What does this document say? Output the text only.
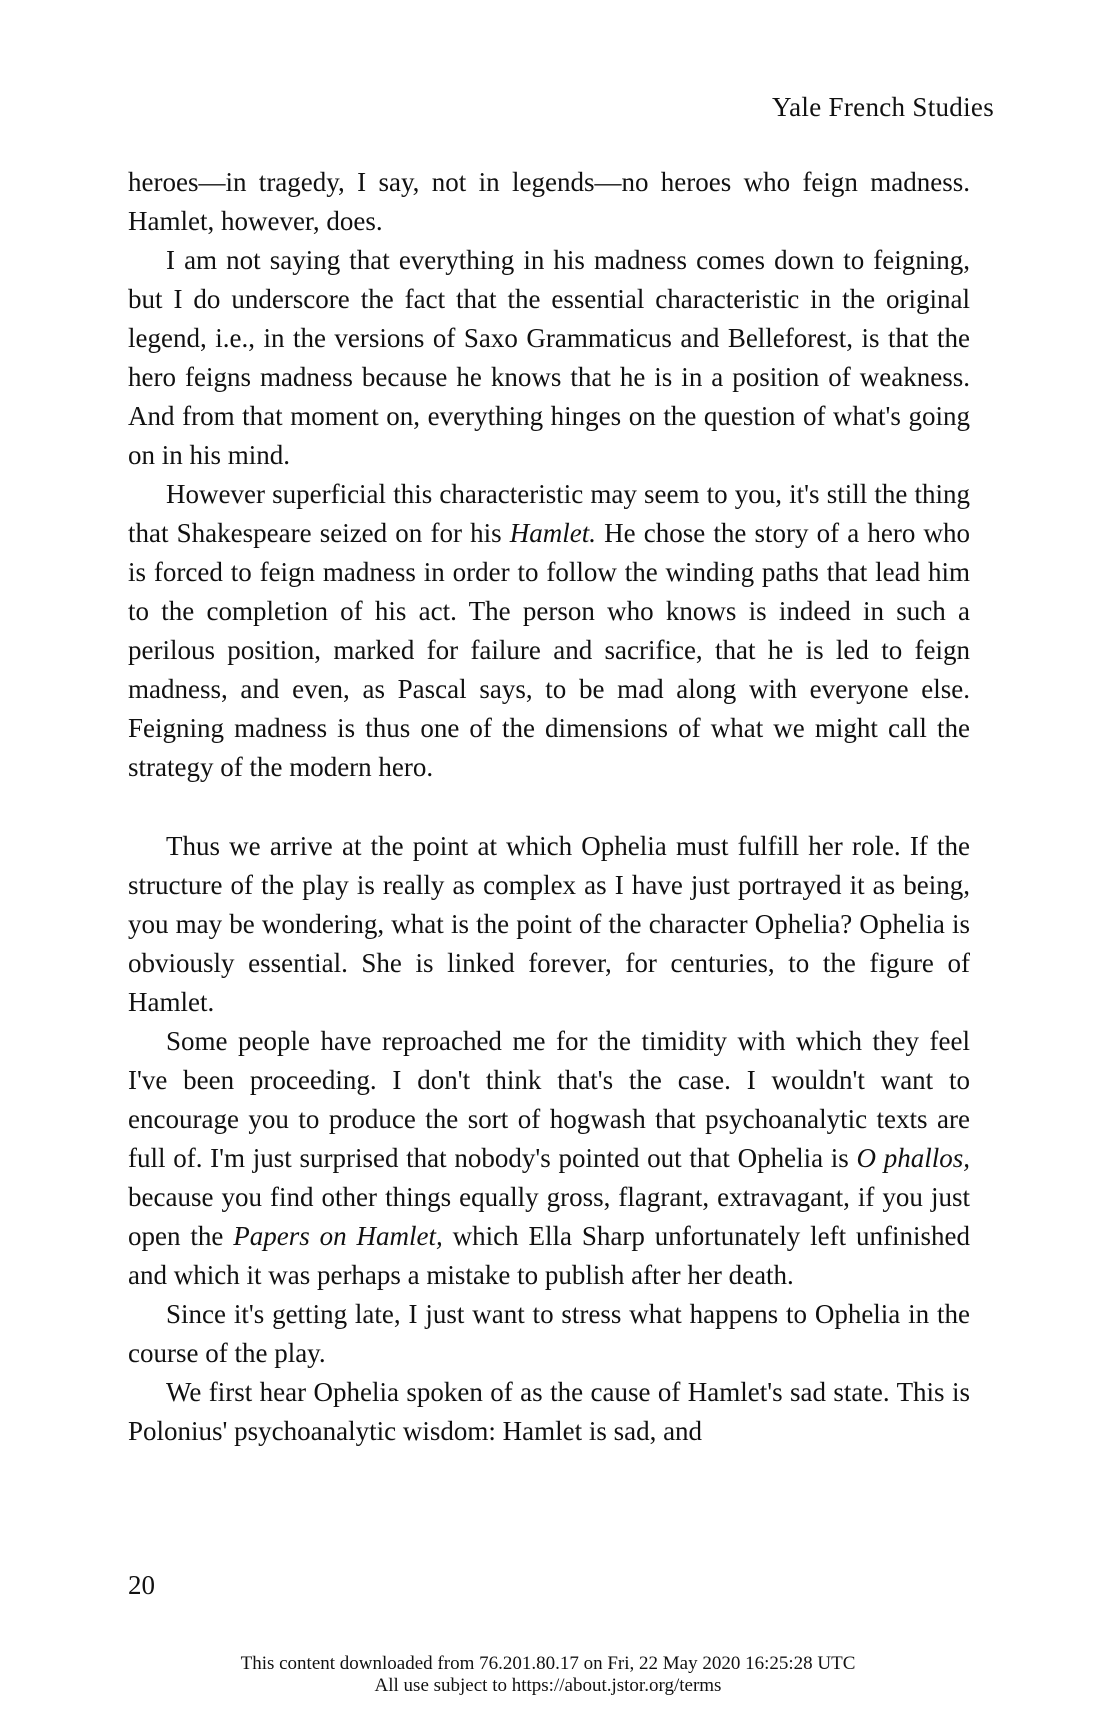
Yale French Studies

heroes—in tragedy, I say, not in legends—no heroes who feign madness. Hamlet, however, does.

I am not saying that everything in his madness comes down to feigning, but I do underscore the fact that the essential characteristic in the original legend, i.e., in the versions of Saxo Grammaticus and Belleforest, is that the hero feigns madness because he knows that he is in a position of weakness. And from that moment on, everything hinges on the question of what's going on in his mind.

However superficial this characteristic may seem to you, it's still the thing that Shakespeare seized on for his Hamlet. He chose the story of a hero who is forced to feign madness in order to follow the winding paths that lead him to the completion of his act. The person who knows is indeed in such a perilous position, marked for failure and sacrifice, that he is led to feign madness, and even, as Pascal says, to be mad along with everyone else. Feigning madness is thus one of the dimensions of what we might call the strategy of the modern hero.

Thus we arrive at the point at which Ophelia must fulfill her role. If the structure of the play is really as complex as I have just portrayed it as being, you may be wondering, what is the point of the character Ophelia? Ophelia is obviously essential. She is linked forever, for centuries, to the figure of Hamlet.

Some people have reproached me for the timidity with which they feel I've been proceeding. I don't think that's the case. I wouldn't want to encourage you to produce the sort of hogwash that psychoanalytic texts are full of. I'm just surprised that nobody's pointed out that Ophelia is O phallos, because you find other things equally gross, flagrant, extravagant, if you just open the Papers on Hamlet, which Ella Sharp unfortunately left unfinished and which it was perhaps a mistake to publish after her death.

Since it's getting late, I just want to stress what happens to Ophelia in the course of the play.

We first hear Ophelia spoken of as the cause of Hamlet's sad state. This is Polonius' psychoanalytic wisdom: Hamlet is sad, and

20
This content downloaded from 76.201.80.17 on Fri, 22 May 2020 16:25:28 UTC
All use subject to https://about.jstor.org/terms
